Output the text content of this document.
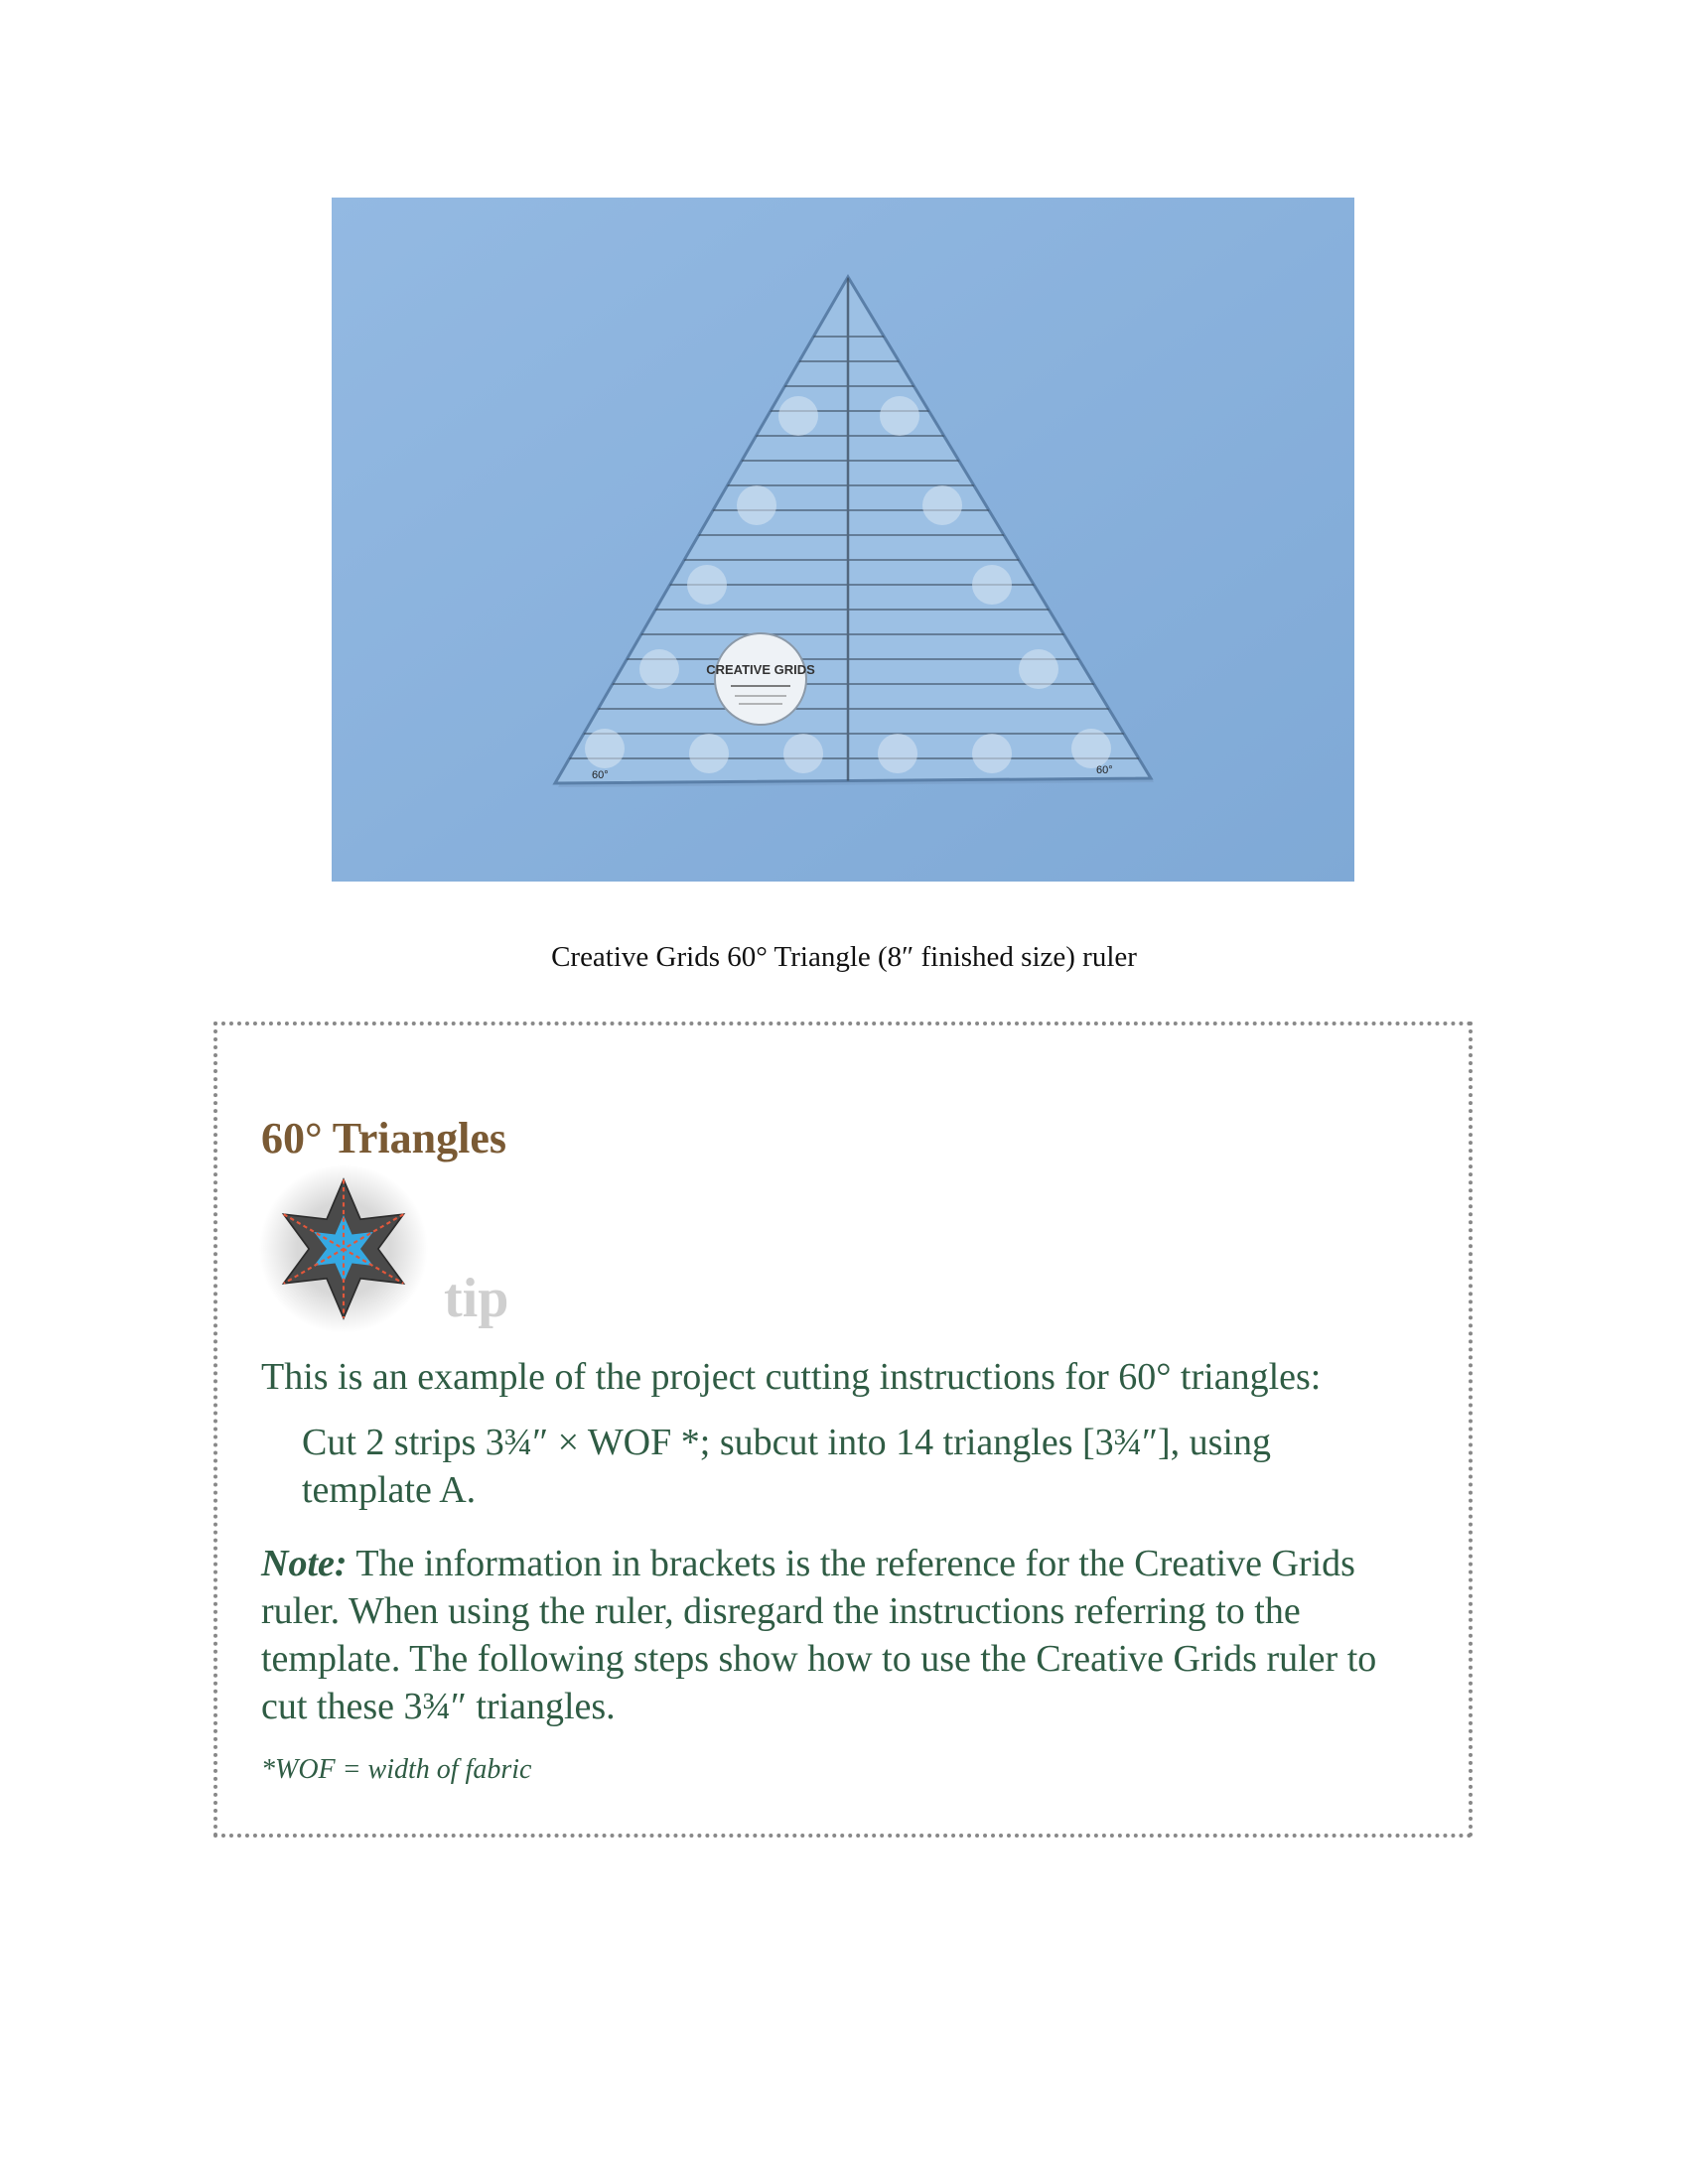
CREATIVE GRIDS
60°	60°
Creative Grids 60° Triangle (8″ finished size) ruler
60° Triangles
tip

This is an example of the project cutting instructions for 60° triangles:

Cut 2 strips 3¾″ × WOF *; subcut into 14 triangles [3¾″], using template A.

Note: The information in brackets is the reference for the Creative Grids ruler. When using the ruler, disregard the instructions referring to the template. The following steps show how to use the Creative Grids ruler to cut these 3¾″ triangles.

*WOF = width of fabric
